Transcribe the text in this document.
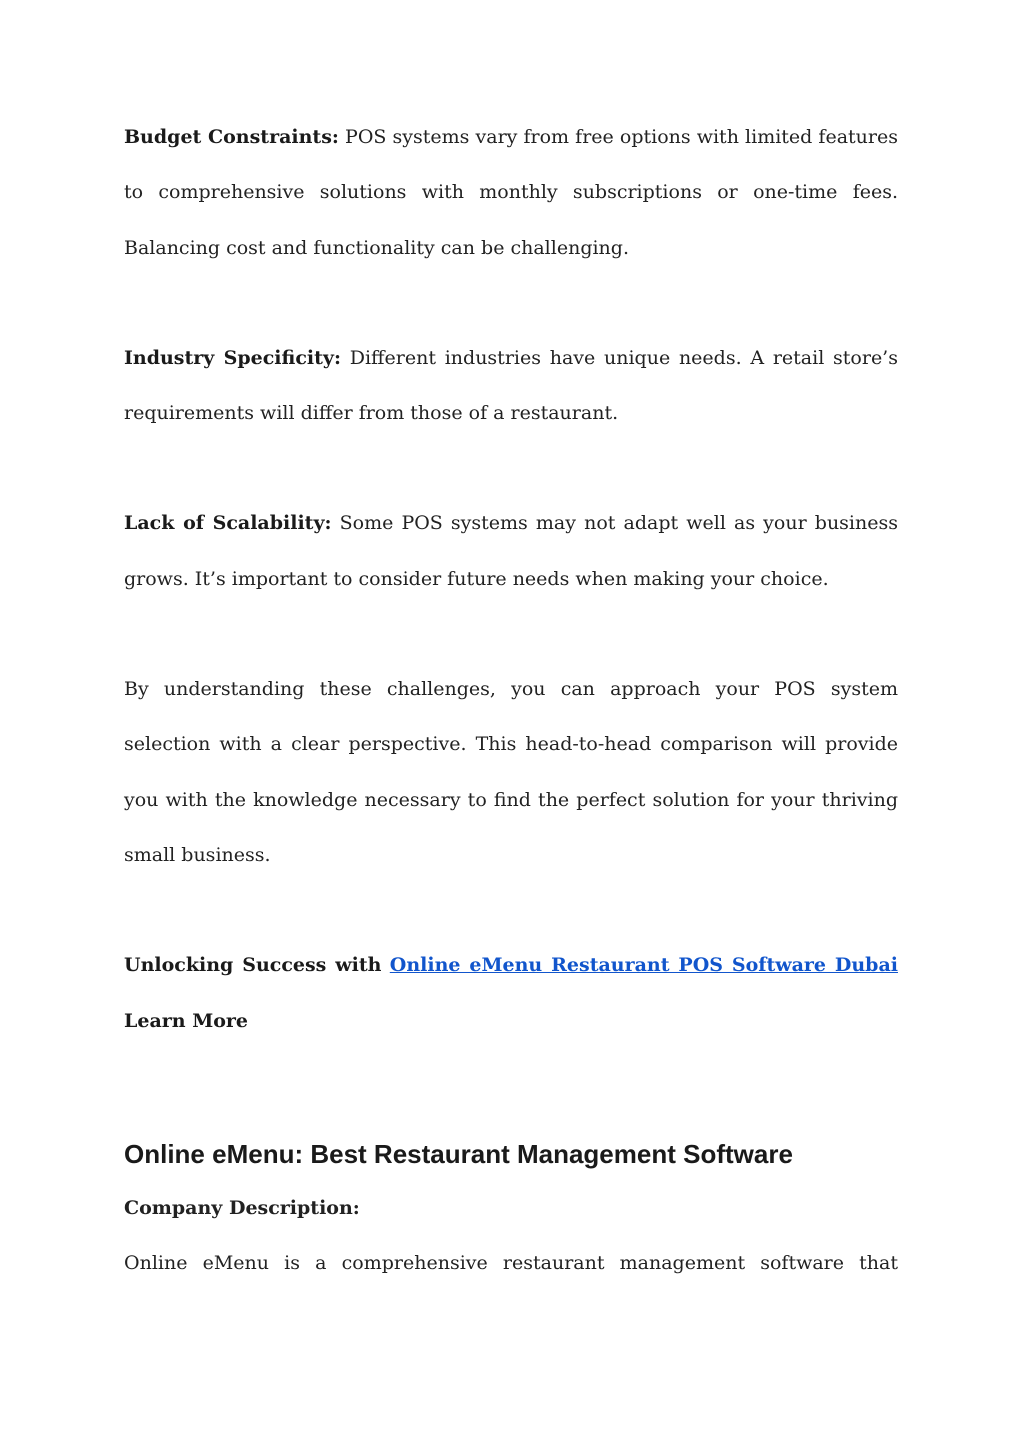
Budget Constraints: POS systems vary from free options with limited features to comprehensive solutions with monthly subscriptions or one-time fees. Balancing cost and functionality can be challenging.

Industry Specificity: Different industries have unique needs. A retail store’s requirements will differ from those of a restaurant.

Lack of Scalability: Some POS systems may not adapt well as your business grows. It’s important to consider future needs when making your choice.

By understanding these challenges, you can approach your POS system selection with a clear perspective. This head-to-head comparison will provide you with the knowledge necessary to find the perfect solution for your thriving small business.

Unlocking Success with Online eMenu Restaurant POS Software Dubai Learn More

Online eMenu: Best Restaurant Management Software

Company Description:

Online eMenu is a comprehensive restaurant management software that
